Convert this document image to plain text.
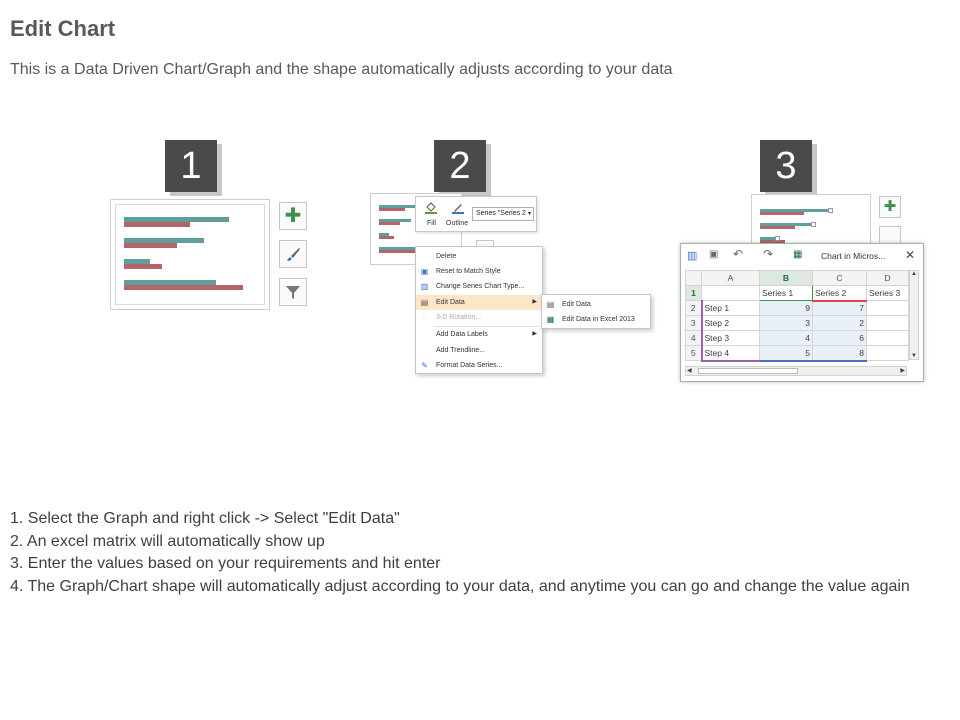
Edit Chart
This is a Data Driven Chart/Graph and the shape automatically adjusts according to your data
1	2	3
✚	Fill Outline
Series "Series 2 ▾
Delete
▣ Reset to Match Style
▥ Change Series Chart Type...
▤ Edit Data	▶
◌	3-D Rotation...
Add Data Labels	▶
Add Trendline...
✎ Format Data Series...
▤ Edit Data
▦ Edit Data in Excel 2013
✚
▥ ▣ ↶ ↷ ▦ Chart in Micros... ✕
	A	B	C	D
1		Series 1	Series 2	Series 3
2	Step 1	9	7	
3	Step 2	3	2	
4	Step 3	4	6	
5	Step 4	5	8	
▲
▼
◀	▶
1. Select the Graph and right click -> Select "Edit Data"
2. An excel matrix will automatically show up
3. Enter the values based on your requirements and hit enter
4. The Graph/Chart shape will automatically adjust according to your data, and anytime you can go and change the value again
